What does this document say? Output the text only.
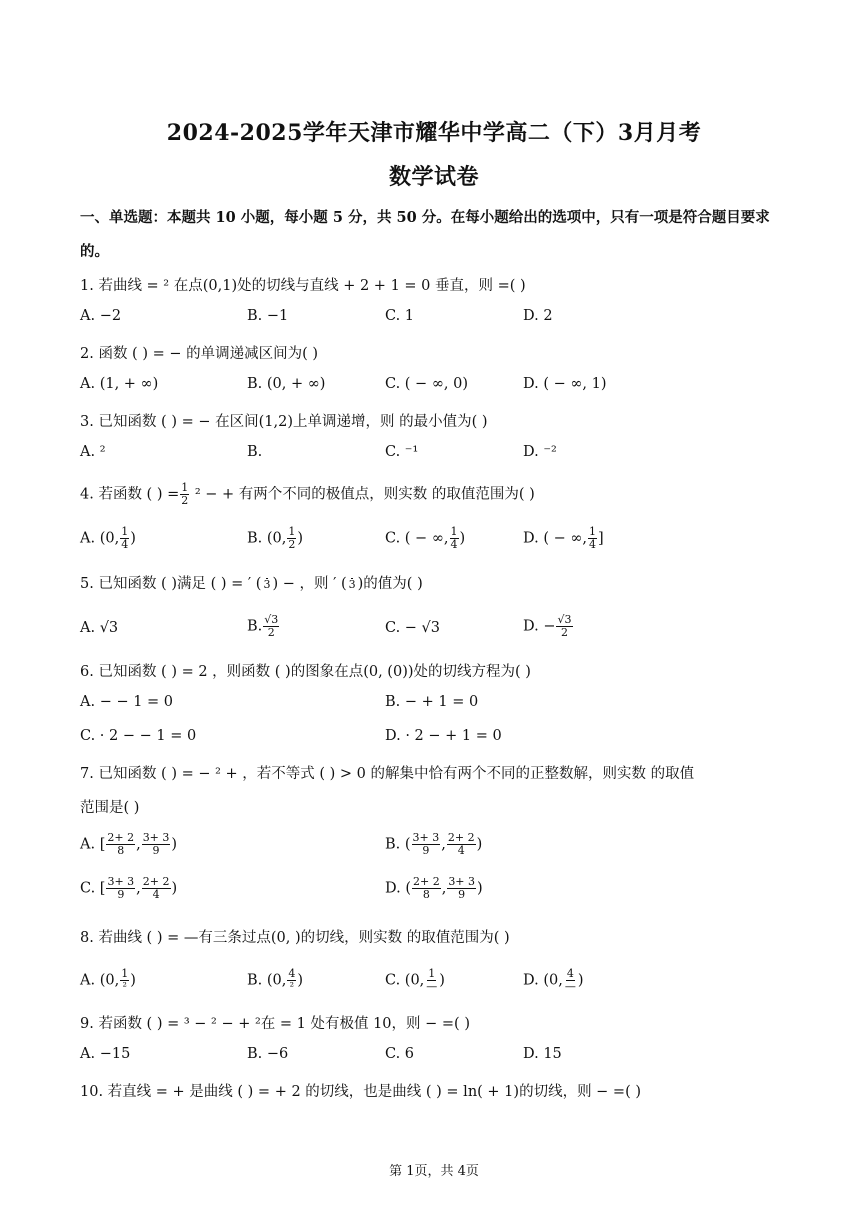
2024-2025学年天津市耀华中学高二（下）3月月考
数学试卷
一、单选题：本题共 10 小题，每小题 5 分，共 50 分。在每小题给出的选项中，只有一项是符合题目要求
的。
1. 若曲线 = ² 在点(0,1)处的切线与直线 + 2 + 1 = 0 垂直，则 =( )
A. −2	B. −1	C. 1	D. 2
2. 函数 ( ) = − 的单调递减区间为( )
A. (1, + ∞)	B. (0, + ∞)	C. ( − ∞, 0)	D. ( − ∞, 1)
3. 已知函数 ( ) = − 在区间(1,2)上单调递增，则 的最小值为( )
A. ²	B.	C. ⁻¹	D. ⁻²
4. 若函数 ( ) = $\frac{1}{2} ^2$ − + 有两个不同的极值点，则实数 的取值范围为( )
A. (0, $\frac{1}{4}$ )	B. (0, $\frac{1}{2}$ )	C. ( − ∞, $\frac{1}{4}$ )	D. ( − ∞, $\frac{1}{4}$ ]
5. 已知函数 ( )满足 ( ) = ′ ( 3 ) − ，则 ′ ( 3 )的值为( )
A. √3	B. $\frac{√3}{2}$	C. − √3	D. − $\frac{√3}{2}$
6. 已知函数 ( ) = 2 ，则函数 ( )的图象在点(0, (0))处的切线方程为( )
A. − − 1 = 0	B. − + 1 = 0
C. · 2 − − 1 = 0	D. · 2 − + 1 = 0
7. 已知函数 ( ) = − ² + ，若不等式 ( ) > 0 的解集中恰有两个不同的正整数解，则实数 的取值
范围是( )
A. [ $\frac{2+ 2}{8}$ , $\frac{3+ 3}{9}$ )	B. ( $\frac{3+ 3}{9}$ , $\frac{2+ 2}{4}$ )
C. [ $\frac{3+ 3}{9}$ , $\frac{2+ 2}{4}$ )	D. ( $\frac{2+ 2}{8}$ , $\frac{3+ 3}{9}$ )
8. 若曲线 ( ) = —有三条过点(0, )的切线，则实数 的取值范围为( )
A. (0, $\frac{1}{\text{²}}$ )	B. (0, $\frac{4}{\text{²}}$ )	C. (0, $\frac{1}{—}$ )	D. (0, $\frac{4}{—}$ )
9. 若函数 ( ) = ³ − ² − + ²在 = 1 处有极值 10，则 − =( )
A. −15	B. −6	C. 6	D. 15
10. 若直线 = + 是曲线 ( ) = + 2 的切线，也是曲线 ( ) = ln( + 1)的切线，则 − =( )
第 1页，共 4页
